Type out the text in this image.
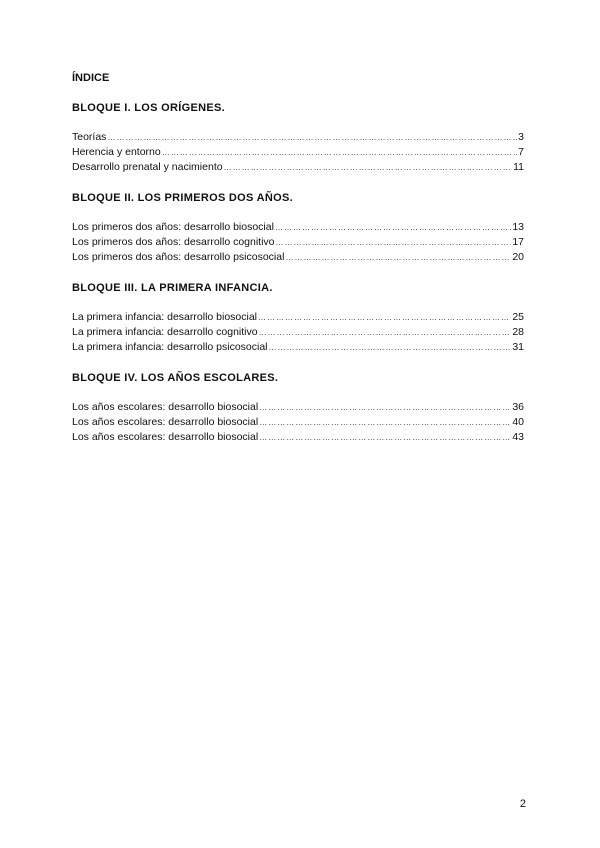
ÍNDICE
BLOQUE I. LOS ORÍGENES.
Teorías ……………………………………………………………………………………………………………………………………………………………………………………	3
Herencia y entorno ……………………………………………………………………………………………………………………………………………………………………………………	7
Desarrollo prenatal y nacimiento ……………………………………………………………………………………………………………………………………………………………………………………	11
BLOQUE II. LOS PRIMEROS DOS AÑOS.
Los primeros dos años: desarrollo biosocial ……………………………………………………………………………………………………………………………………………………………………………………	13
Los primeros dos años: desarrollo cognitivo ……………………………………………………………………………………………………………………………………………………………………………………	17
Los primeros dos años: desarrollo psicosocial ……………………………………………………………………………………………………………………………………………………………………………………	20
BLOQUE III. LA PRIMERA INFANCIA.
La primera infancia: desarrollo biosocial ……………………………………………………………………………………………………………………………………………………………………………………	25
La primera infancia: desarrollo cognitivo ……………………………………………………………………………………………………………………………………………………………………………………	28
La primera infancia: desarrollo psicosocial ……………………………………………………………………………………………………………………………………………………………………………………	31
BLOQUE IV. LOS AÑOS ESCOLARES.
Los años escolares: desarrollo biosocial ……………………………………………………………………………………………………………………………………………………………………………………	36
Los años escolares: desarrollo biosocial ……………………………………………………………………………………………………………………………………………………………………………………	40
Los años escolares: desarrollo biosocial ……………………………………………………………………………………………………………………………………………………………………………………	43
2
